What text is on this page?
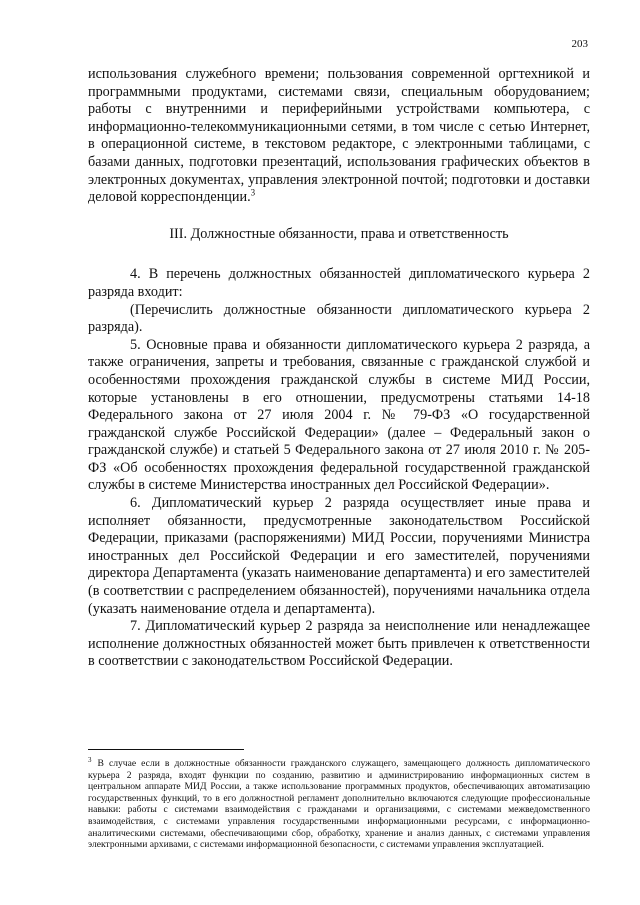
203

использования служебного времени; пользования современной оргтехникой и программными продуктами, системами связи, специальным оборудованием; работы с внутренними и периферийными устройствами компьютера, с информационно-телекоммуникационными сетями, в том числе с сетью Интернет, в операционной системе, в текстовом редакторе, с электронными таблицами, с базами данных, подготовки презентаций, использования графических объектов в электронных документах, управления электронной почтой; подготовки и доставки деловой корреспонденции.$^3$

III. Должностные обязанности, права и ответственность

4. В перечень должностных обязанностей дипломатического курьера 2 разряда входит:

(Перечислить должностные обязанности дипломатического курьера 2 разряда).

5. Основные права и обязанности дипломатического курьера 2 разряда, а также ограничения, запреты и требования, связанные с гражданской службой и особенностями прохождения гражданской службы в системе МИД России, которые установлены в его отношении, предусмотрены статьями 14-18 Федерального закона от 27 июля 2004 г. № 79-ФЗ «О государственной гражданской службе Российской Федерации» (далее – Федеральный закон о гражданской службе) и статьей 5 Федерального закона от 27 июля 2010 г. № 205-ФЗ «Об особенностях прохождения федеральной государственной гражданской службы в системе Министерства иностранных дел Российской Федерации».

6. Дипломатический курьер 2 разряда осуществляет иные права и исполняет обязанности, предусмотренные законодательством Российской Федерации, приказами (распоряжениями) МИД России, поручениями Министра иностранных дел Российской Федерации и его заместителей, поручениями директора Департамента (указать наименование департамента) и его заместителей (в соответствии с распределением обязанностей), поручениями начальника отдела (указать наименование отдела и департамента).

7. Дипломатический курьер 2 разряда за неисполнение или ненадлежащее исполнение должностных обязанностей может быть привлечен к ответственности в соответствии с законодательством Российской Федерации.

$^3$ В случае если в должностные обязанности гражданского служащего, замещающего должность дипломатического курьера 2 разряда, входят функции по созданию, развитию и администрированию информационных систем в центральном аппарате МИД России, а также использование программных продуктов, обеспечивающих автоматизацию государственных функций, то в его должностной регламент дополнительно включаются следующие профессиональные навыки: работы с системами взаимодействия с гражданами и организациями, с системами межведомственного взаимодействия, с системами управления государственными информационными ресурсами, с информационно-аналитическими системами, обеспечивающими сбор, обработку, хранение и анализ данных, с системами управления электронными архивами, с системами информационной безопасности, с системами управления эксплуатацией.
